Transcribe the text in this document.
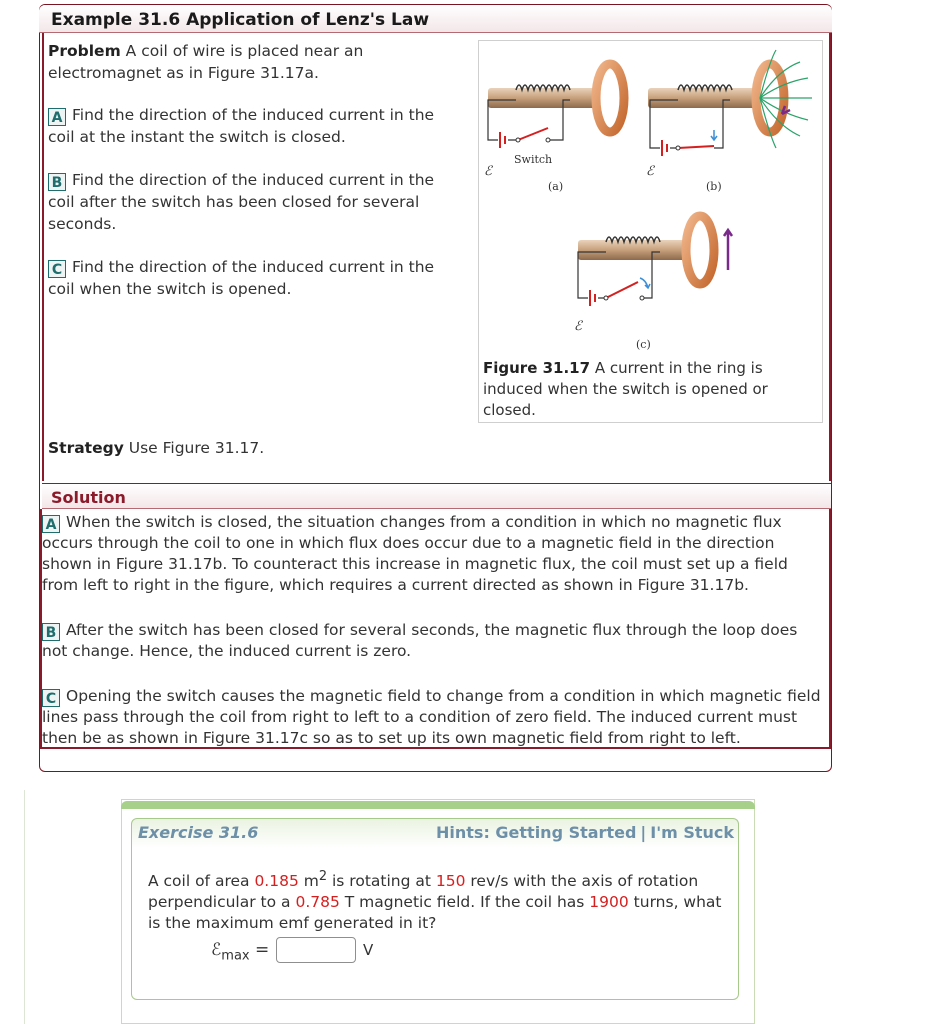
Example 31.6 Application of Lenz's Law

Problem A coil of wire is placed near an electromagnet as in Figure 31.17a.

A Find the direction of the induced current in the coil at the instant the switch is closed.

B Find the direction of the induced current in the coil after the switch has been closed for several seconds.

C Find the direction of the induced current in the coil when the switch is opened.

Strategy Use Figure 31.17.

Switch
ℰ
(a)
ℰ
(b)
ℰ
(c)

Figure 31.17 A current in the ring is induced when the switch is opened or closed.

Solution

A When the switch is closed, the situation changes from a condition in which no magnetic flux occurs through the coil to one in which flux does occur due to a magnetic field in the direction shown in Figure 31.17b. To counteract this increase in magnetic flux, the coil must set up a field from left to right in the figure, which requires a current directed as shown in Figure 31.17b.

B After the switch has been closed for several seconds, the magnetic flux through the loop does not change. Hence, the induced current is zero.

C Opening the switch causes the magnetic field to change from a condition in which magnetic field lines pass through the coil from right to left to a condition of zero field. The induced current must then be as shown in Figure 31.17c so as to set up its own magnetic field from right to left.

Exercise 31.6	Hints: Getting Started | I'm Stuck

A coil of area 0.185 $m^2$ is rotating at 150 rev/s with the axis of rotation perpendicular to a 0.785 T magnetic field. If the coil has 1900 turns, what is the maximum emf generated in it?

ℰ$_{max}$ =	V
